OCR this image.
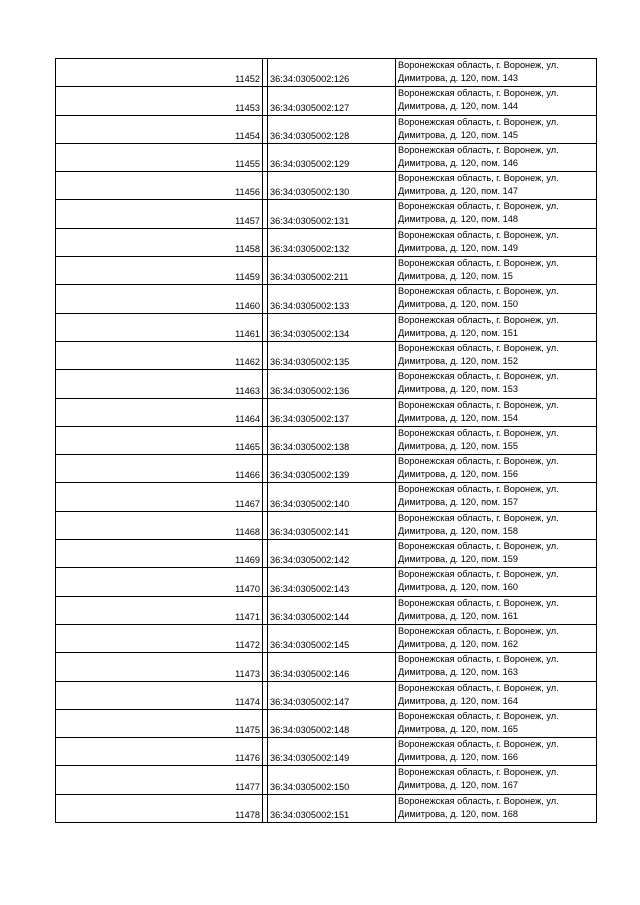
11452		36:34:0305002:126	Воронежская область, г. Воронеж, ул.
Димитрова, д. 120, пом. 143

11453		36:34:0305002:127	Воронежская область, г. Воронеж, ул.
Димитрова, д. 120, пом. 144

11454		36:34:0305002:128	Воронежская область, г. Воронеж, ул.
Димитрова, д. 120, пом. 145

11455		36:34:0305002:129	Воронежская область, г. Воронеж, ул.
Димитрова, д. 120, пом. 146

11456		36:34:0305002:130	Воронежская область, г. Воронеж, ул.
Димитрова, д. 120, пом. 147

11457		36:34:0305002:131	Воронежская область, г. Воронеж, ул.
Димитрова, д. 120, пом. 148

11458		36:34:0305002:132	Воронежская область, г. Воронеж, ул.
Димитрова, д. 120, пом. 149

11459		36:34:0305002:211	Воронежская область, г. Воронеж, ул.
Димитрова, д. 120, пом. 15

11460		36:34:0305002:133	Воронежская область, г. Воронеж, ул.
Димитрова, д. 120, пом. 150

11461		36:34:0305002:134	Воронежская область, г. Воронеж, ул.
Димитрова, д. 120, пом. 151

11462		36:34:0305002:135	Воронежская область, г. Воронеж, ул.
Димитрова, д. 120, пом. 152

11463		36:34:0305002:136	Воронежская область, г. Воронеж, ул.
Димитрова, д. 120, пом. 153

11464		36:34:0305002:137	Воронежская область, г. Воронеж, ул.
Димитрова, д. 120, пом. 154

11465		36:34:0305002:138	Воронежская область, г. Воронеж, ул.
Димитрова, д. 120, пом. 155

11466		36:34:0305002:139	Воронежская область, г. Воронеж, ул.
Димитрова, д. 120, пом. 156

11467		36:34:0305002:140	Воронежская область, г. Воронеж, ул.
Димитрова, д. 120, пом. 157

11468		36:34:0305002:141	Воронежская область, г. Воронеж, ул.
Димитрова, д. 120, пом. 158

11469		36:34:0305002:142	Воронежская область, г. Воронеж, ул.
Димитрова, д. 120, пом. 159

11470		36:34:0305002:143	Воронежская область, г. Воронеж, ул.
Димитрова, д. 120, пом. 160

11471		36:34:0305002:144	Воронежская область, г. Воронеж, ул.
Димитрова, д. 120, пом. 161

11472		36:34:0305002:145	Воронежская область, г. Воронеж, ул.
Димитрова, д. 120, пом. 162

11473		36:34:0305002:146	Воронежская область, г. Воронеж, ул.
Димитрова, д. 120, пом. 163

11474		36:34:0305002:147	Воронежская область, г. Воронеж, ул.
Димитрова, д. 120, пом. 164

11475		36:34:0305002:148	Воронежская область, г. Воронеж, ул.
Димитрова, д. 120, пом. 165

11476		36:34:0305002:149	Воронежская область, г. Воронеж, ул.
Димитрова, д. 120, пом. 166

11477		36:34:0305002:150	Воронежская область, г. Воронеж, ул.
Димитрова, д. 120, пом. 167

11478		36:34:0305002:151	Воронежская область, г. Воронеж, ул.
Димитрова, д. 120, пом. 168
